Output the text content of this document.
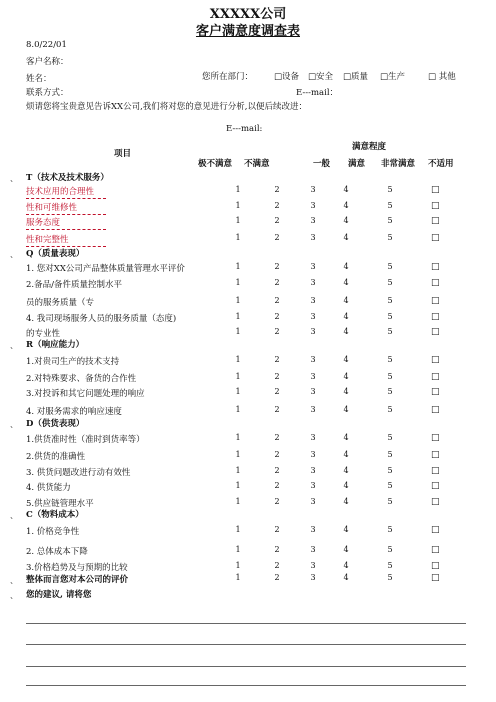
XXXXX公司
客户满意度调查表
8.0/22/01
客户名称：
姓名：	您所在部门： □设备 □安全 □质量 □生产	□ 其他
联系方式：	E---mail：
烦请您将宝贵意见告诉XX公司,我们将对您的意见进行分析,以便后续改进：
E---mail:
项目
满意程度
极不满意 不满意	一般 满意 非常满意 不适用
、 T（技术及技术服务）
技术应用的合理性	1	2	3	4	5	□
性和可维修性	1	2	3	4	5	□
服务态度	1	2	3	4	5	□
性和完整性	1	2	3	4	5	□
、 Q（质量表现）
1. 您对XX公司产品整体质量管理水平评价	1	2	3	4	5	□
2.备品/备件质量控制水平	1	2	3	4	5	□
员的服务质量（专	1	2	3	4	5	□
4. 我司现场服务人员的服务质量（态度)	1	2	3	4	5	□
的专业性	1	2	3	4	5	□
、 R（响应能力）
1.对贵司生产的技术支持	1	2	3	4	5	□
2.对特殊要求、备货的合作性	1	2	3	4	5	□
3.对投诉和其它问题处理的响应	1	2	3	4	5	□
4. 对服务需求的响应速度	1	2	3	4	5	□
、 D（供货表现）
1.供货准时性（准时到货率等）	1	2	3	4	5	□
2.供货的准确性	1	2	3	4	5	□
3. 供货问题改进行动有效性	1	2	3	4	5	□
4. 供货能力	1	2	3	4	5	□
5.供应链管理水平	1	2	3	4	5	□
、 C（物料成本）
1. 价格竞争性	1	2	3	4	5	□
2. 总体成本下降	1	2	3	4	5	□
3.价格趋势及与预期的比较	1	2	3	4	5	□
、 整体而言您对本公司的评价	1	2	3	4	5	□
、 您的建议, 请将您
